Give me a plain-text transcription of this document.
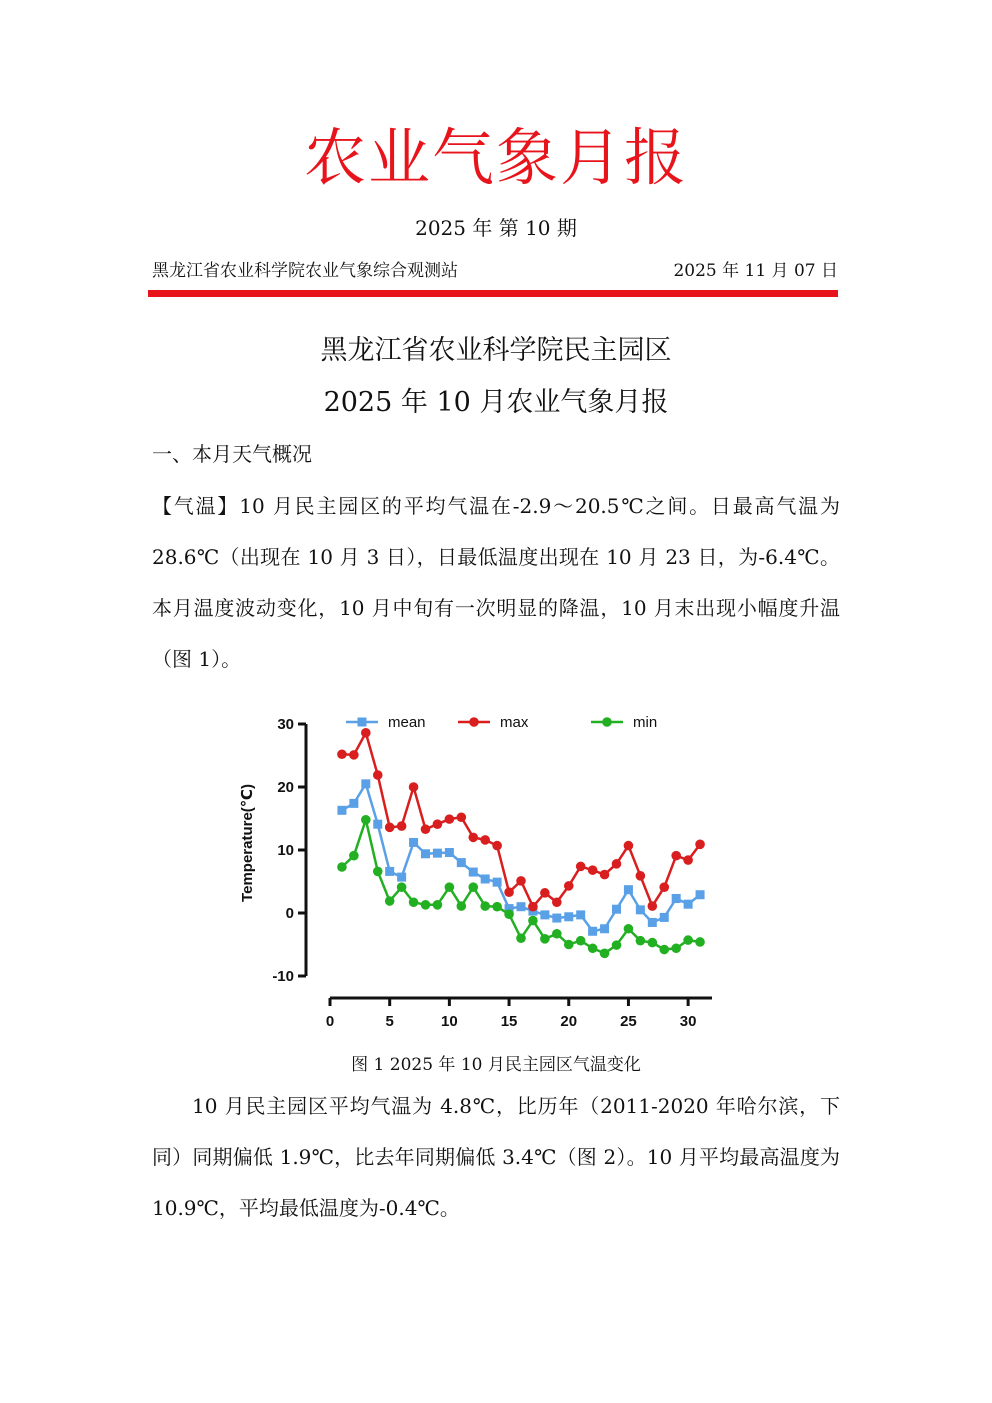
农业气象月报
2025 年 第 10 期
黑龙江省农业科学院农业气象综合观测站	2025 年 11 月 07 日
黑龙江省农业科学院民主园区
2025 年 10 月农业气象月报
一、本月天气概况

【气温】10 月民主园区的平均气温在-2.9～20.5℃之间。日最高气温为 28.6℃（出现在 10 月 3 日），日最低温度出现在 10 月 23 日，为-6.4℃。本月温度波动变化，10 月中旬有一次明显的降温，10 月末出现小幅度升温（图 1）。

-10
0
10
20
30
0	5	10	15	20	25	30
mean	max	min
Temperature(℃)
图 1 2025 年 10 月民主园区气温变化

10 月民主园区平均气温为 4.8℃，比历年（2011-2020 年哈尔滨，下同）同期偏低 1.9℃，比去年同期偏低 3.4℃（图 2）。10 月平均最高温度为 10.9℃，平均最低温度为-0.4℃。
